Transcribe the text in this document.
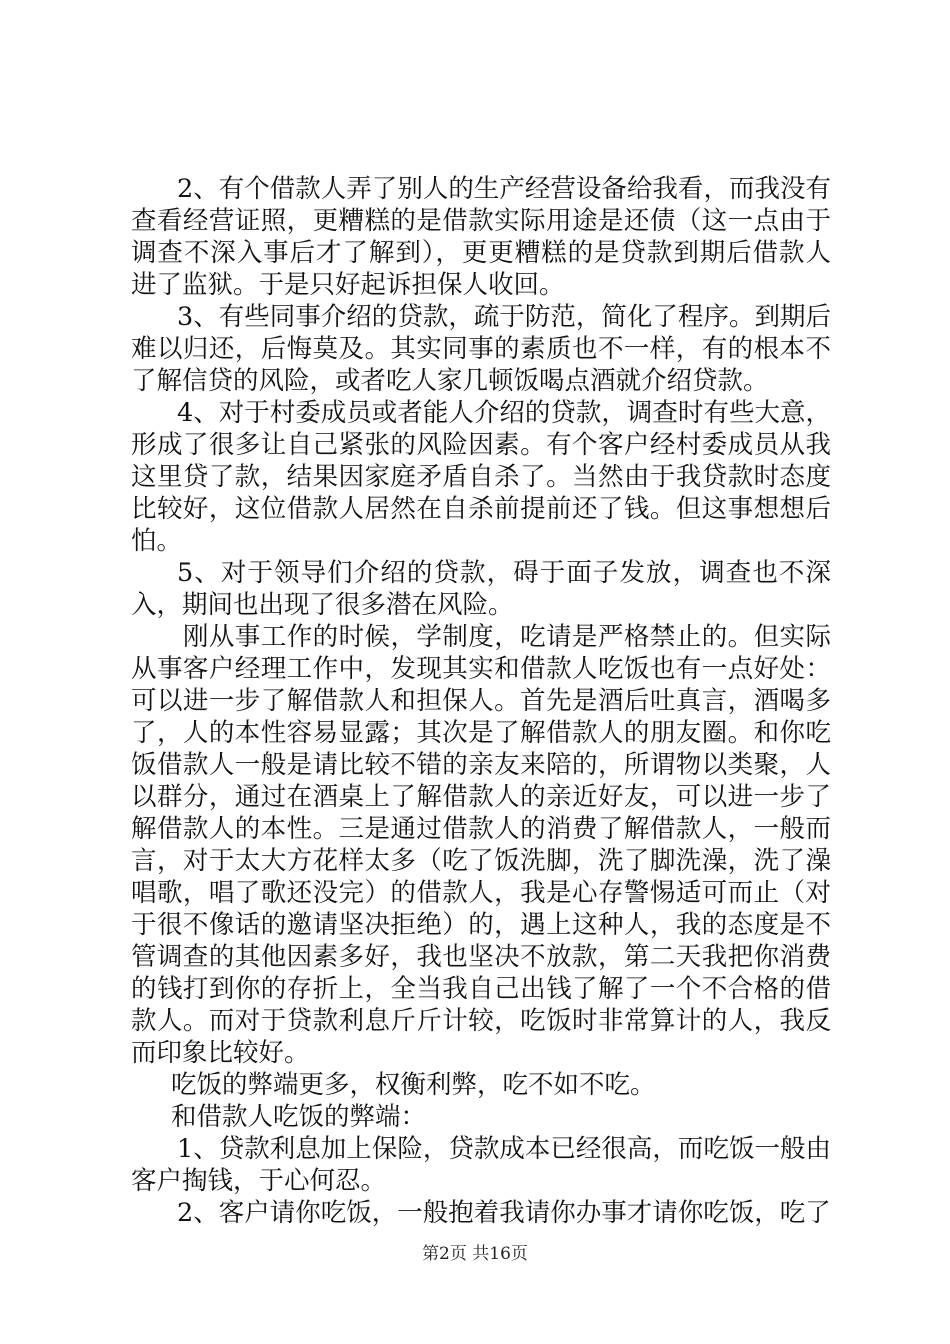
2、有个借款人弄了别人的生产经营设备给我看，而我没有查看经营证照，更糟糕的是借款实际用途是还债（这一点由于调查不深入事后才了解到），更更糟糕的是贷款到期后借款人进了监狱。于是只好起诉担保人收回。

3、有些同事介绍的贷款，疏于防范，简化了程序。到期后难以归还，后悔莫及。其实同事的素质也不一样，有的根本不了解信贷的风险，或者吃人家几顿饭喝点酒就介绍贷款。

4、对于村委成员或者能人介绍的贷款，调查时有些大意，形成了很多让自己紧张的风险因素。有个客户经村委成员从我这里贷了款，结果因家庭矛盾自杀了。当然由于我贷款时态度比较好，这位借款人居然在自杀前提前还了钱。但这事想想后怕。

5、对于领导们介绍的贷款，碍于面子发放，调查也不深入，期间也出现了很多潜在风险。

刚从事工作的时候，学制度，吃请是严格禁止的。但实际从事客户经理工作中，发现其实和借款人吃饭也有一点好处：可以进一步了解借款人和担保人。首先是酒后吐真言，酒喝多了，人的本性容易显露；其次是了解借款人的朋友圈。和你吃饭借款人一般是请比较不错的亲友来陪的，所谓物以类聚，人以群分，通过在酒桌上了解借款人的亲近好友，可以进一步了解借款人的本性。三是通过借款人的消费了解借款人，一般而言，对于太大方花样太多（吃了饭洗脚，洗了脚洗澡，洗了澡唱歌，唱了歌还没完）的借款人，我是心存警惕适可而止（对于很不像话的邀请坚决拒绝）的，遇上这种人，我的态度是不管调查的其他因素多好，我也坚决不放款，第二天我把你消费的钱打到你的存折上，全当我自己出钱了解了一个不合格的借款人。而对于贷款利息斤斤计较，吃饭时非常算计的人，我反而印象比较好。

吃饭的弊端更多，权衡利弊，吃不如不吃。

和借款人吃饭的弊端：

1、贷款利息加上保险，贷款成本已经很高，而吃饭一般由客户掏钱，于心何忍。

2、客户请你吃饭，一般抱着我请你办事才请你吃饭，吃了

第2页 共16页
